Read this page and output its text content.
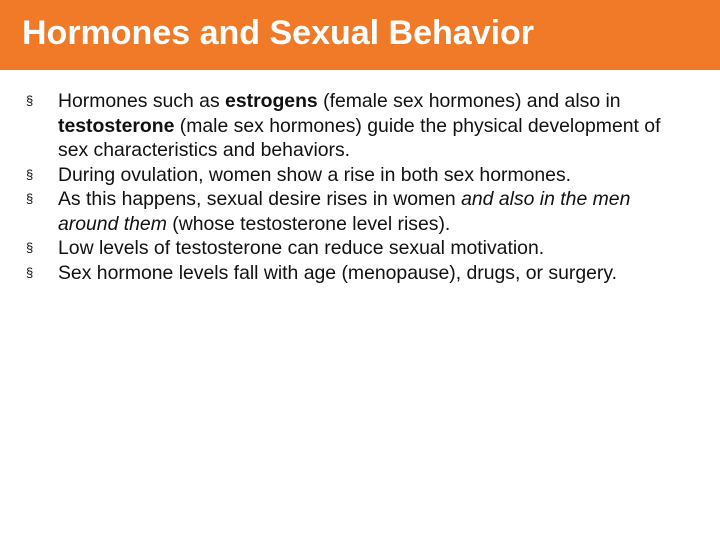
Hormones and Sexual Behavior
§	Hormones such as estrogens (female sex hormones) and also in testosterone (male sex hormones) guide the physical development of sex characteristics and behaviors.
§	During ovulation, women show a rise in both sex hormones.
§	As this happens, sexual desire rises in women and also in the men around them (whose testosterone level rises).
§	Low levels of testosterone can reduce sexual motivation.
§	Sex hormone levels fall with age (menopause), drugs, or surgery.
